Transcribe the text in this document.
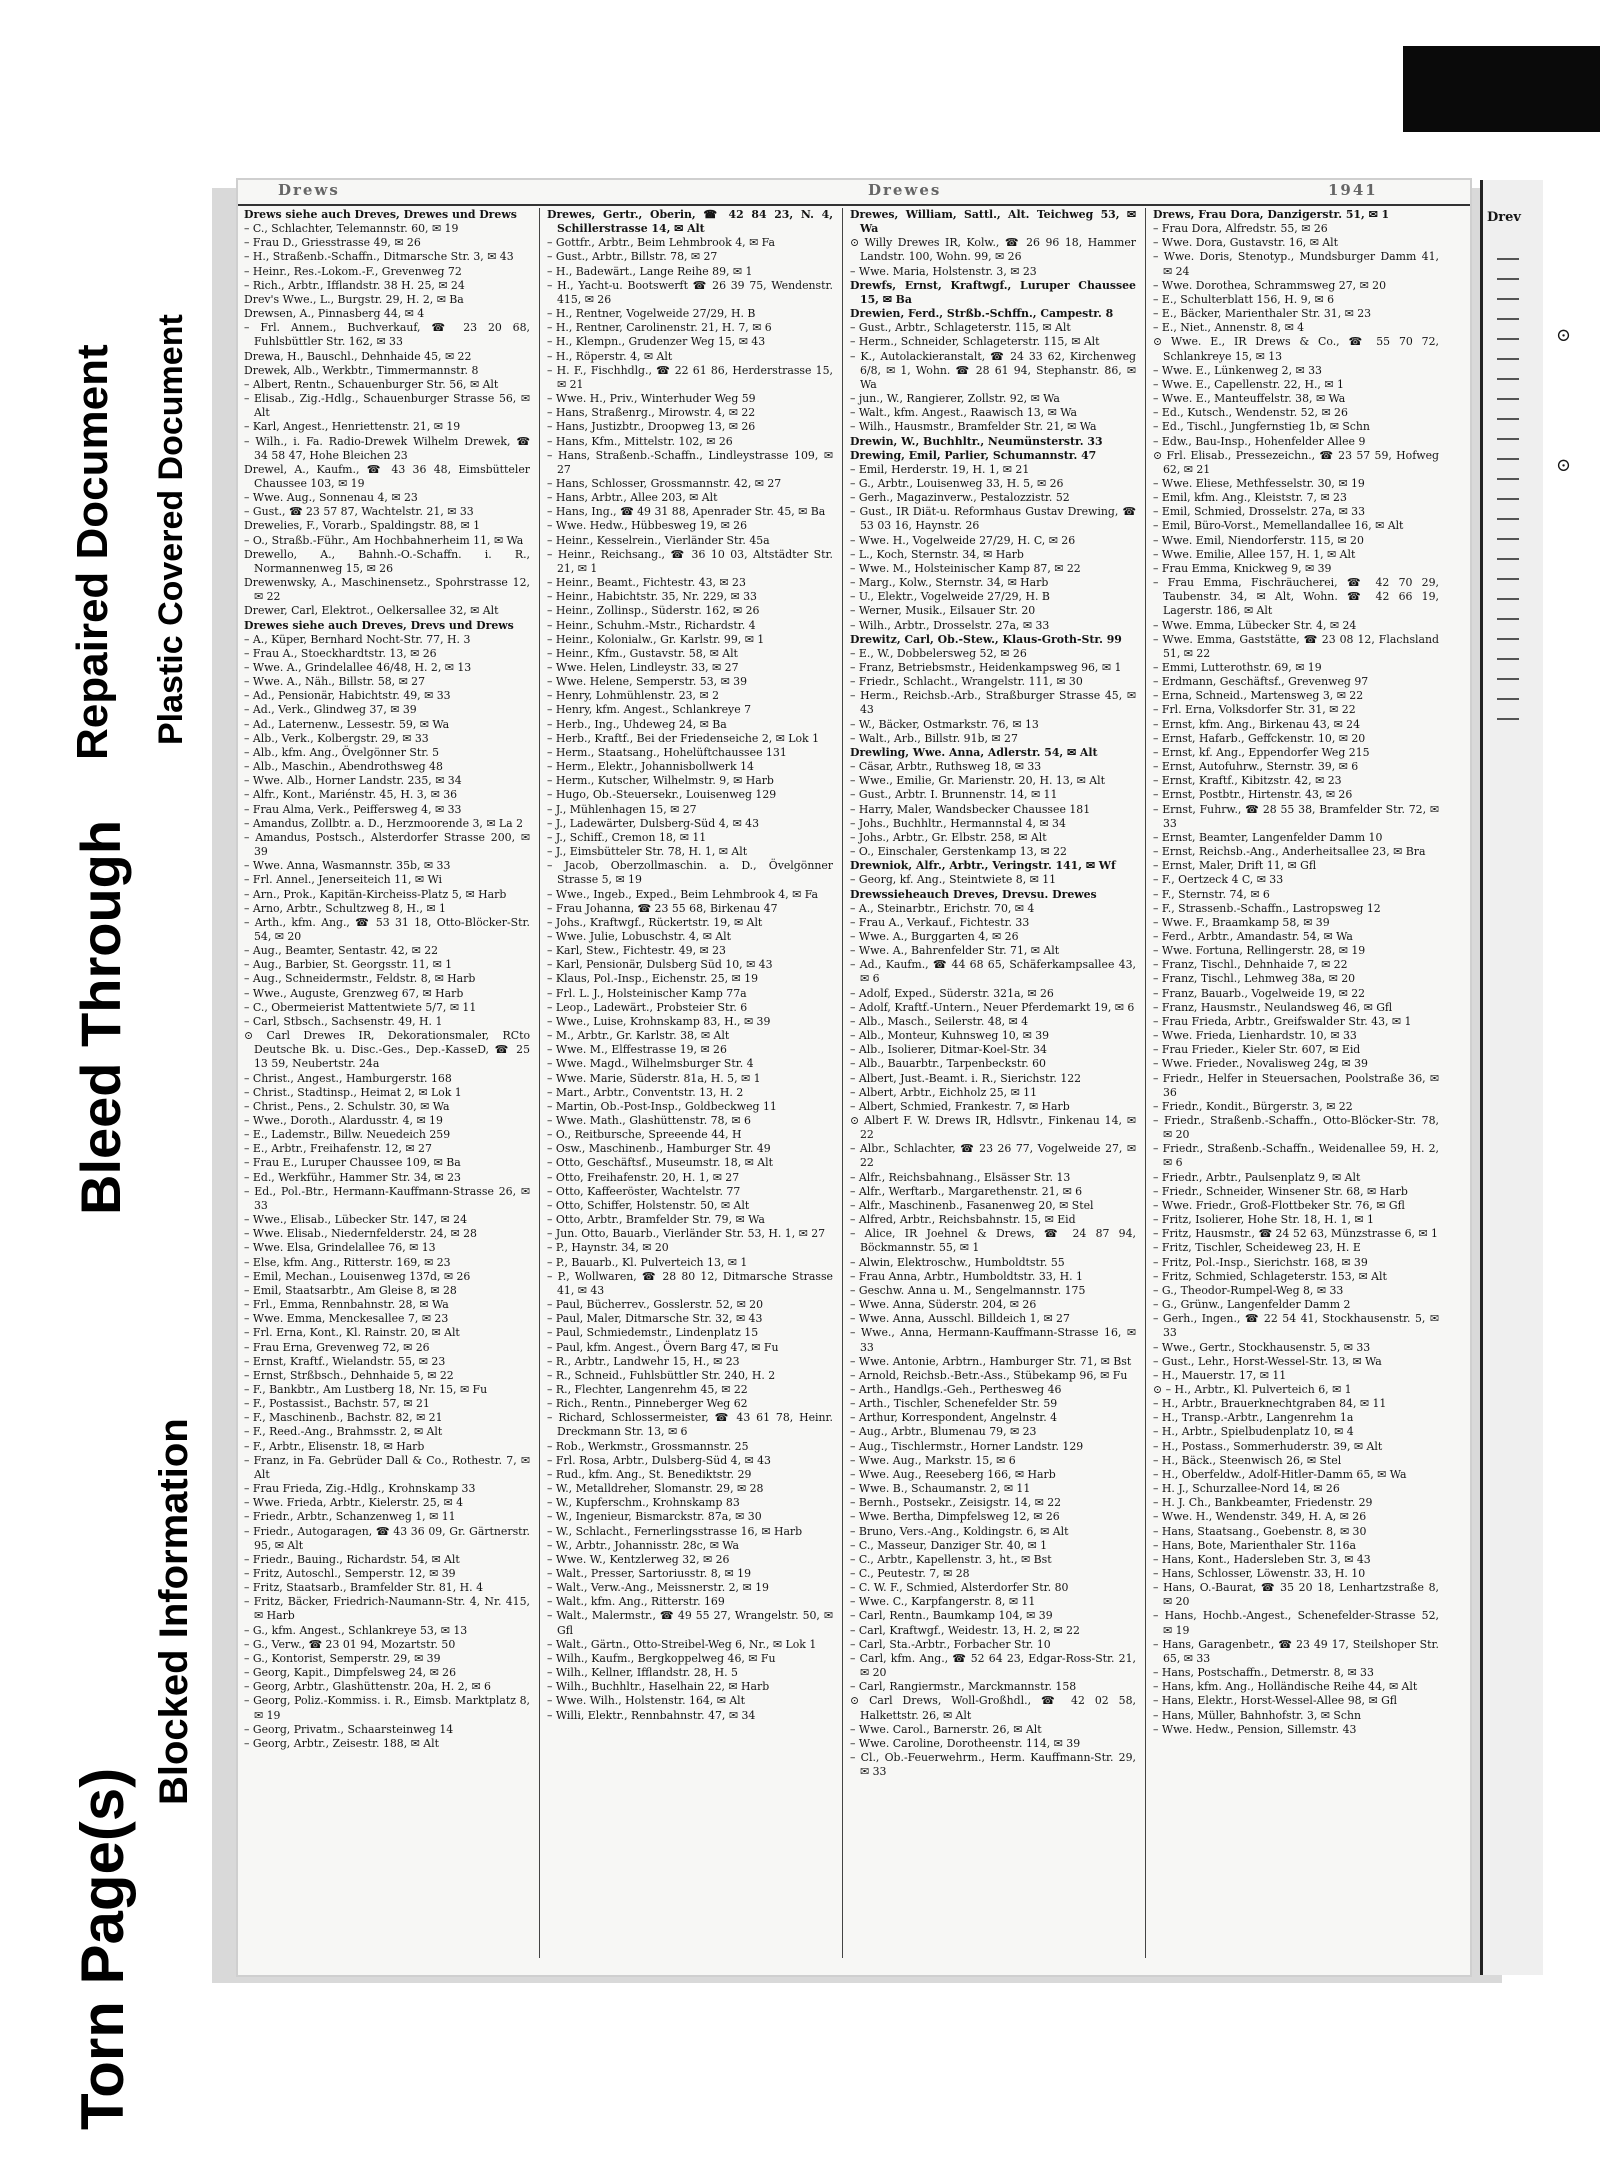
Bleed Through
Repaired Document Plastic Covered Document
Torn Page(s)
Blocked Information
Drews	Drewes	1941
Drews siehe auch Dreves, Drewes und Drews
– C., Schlachter, Telemannstr. 60, ✉ 19
– Frau D., Griesstrasse 49, ✉ 26
– H., Straßenb.-Schaffn., Ditmarsche Str. 3, ✉ 43
– Heinr., Res.-Lokom.-F., Grevenweg 72
– Rich., Arbtr., Ifflandstr. 38 H. 25, ✉ 24
Drev's Wwe., L., Burgstr. 29, H. 2, ✉ Ba
Drewsen, A., Pinnasberg 44, ✉ 4
– Frl. Annem., Buchverkauf, ☎ 23 20 68, Fuhlsbüttler Str. 162, ✉ 33
Drewa, H., Bauschl., Dehnhaide 45, ✉ 22
Drewek, Alb., Werkbtr., Timmermannstr. 8
– Albert, Rentn., Schauenburger Str. 56, ✉ Alt
– Elisab., Zig.-Hdlg., Schauenburger Strasse 56, ✉ Alt
– Karl, Angest., Henriettenstr. 21, ✉ 19
– Wilh., i. Fa. Radio-Drewek Wilhelm Drewek, ☎ 34 58 47, Hohe Bleichen 23
Drewel, A., Kaufm., ☎ 43 36 48, Eimsbütteler Chaussee 103, ✉ 19
– Wwe. Aug., Sonnenau 4, ✉ 23
– Gust., ☎ 23 57 87, Wachtelstr. 21, ✉ 33
Drewelies, F., Vorarb., Spaldingstr. 88, ✉ 1
– O., Straßb.-Führ., Am Hochbahnerheim 11, ✉ Wa
Drewello, A., Bahnh.-O.-Schaffn. i. R., Normannenweg 15, ✉ 26
Drewenwsky, A., Maschinensetz., Spohrstrasse 12, ✉ 22
Drewer, Carl, Elektrot., Oelkersallee 32, ✉ Alt
Drewes siehe auch Dreves, Drevs und Drews
– A., Küper, Bernhard Nocht-Str. 77, H. 3
– Frau A., Stoeckhardtstr. 13, ✉ 26
– Wwe. A., Grindelallee 46/48, H. 2, ✉ 13
– Wwe. A., Näh., Billstr. 58, ✉ 27
– Ad., Pensionär, Habichtstr. 49, ✉ 33
– Ad., Verk., Glindweg 37, ✉ 39
– Ad., Laternenw., Lessestr. 59, ✉ Wa
– Alb., Verk., Kolbergstr. 29, ✉ 33
– Alb., kfm. Ang., Övelgönner Str. 5
– Alb., Maschin., Abendrothsweg 48
– Wwe. Alb., Horner Landstr. 235, ✉ 34
– Alfr., Kont., Mariénstr. 45, H. 3, ✉ 36
– Frau Alma, Verk., Peiffersweg 4, ✉ 33
– Amandus, Zollbtr. a. D., Herzmoorende 3, ✉ La 2
– Amandus, Postsch., Alsterdorfer Strasse 200, ✉ 39
– Wwe. Anna, Wasmannstr. 35b, ✉ 33
– Frl. Annel., Jenerseiteich 11, ✉ Wi
– Arn., Prok., Kapitän-Kircheiss-Platz 5, ✉ Harb
– Arno, Arbtr., Schultzweg 8, H., ✉ 1
– Arth., kfm. Ang., ☎ 53 31 18, Otto-Blöcker-Str. 54, ✉ 20
– Aug., Beamter, Sentastr. 42, ✉ 22
– Aug., Barbier, St. Georgsstr. 11, ✉ 1
– Aug., Schneidermstr., Feldstr. 8, ✉ Harb
– Wwe., Auguste, Grenzweg 67, ✉ Harb
– C., Obermeierist Mattentwiete 5/7, ✉ 11
– Carl, Stbsch., Sachsenstr. 49, H. 1
⊙ Carl Drewes IR, Dekorationsmaler, RCto Deutsche Bk. u. Disc.-Ges., Dep.-KasseD, ☎ 25 13 59, Neubertstr. 24a
– Christ., Angest., Hamburgerstr. 168
– Christ., Stadtinsp., Heimat 2, ✉ Lok 1
– Christ., Pens., 2. Schulstr. 30, ✉ Wa
– Wwe., Doroth., Alardusstr. 4, ✉ 19
– E., Lademstr., Billw. Neuedeich 259
– E., Arbtr., Freihafenstr. 12, ✉ 27
– Frau E., Luruper Chaussee 109, ✉ Ba
– Ed., Werkführ., Hammer Str. 34, ✉ 23
– Ed., Pol.-Btr., Hermann-Kauffmann-Strasse 26, ✉ 33
– Wwe., Elisab., Lübecker Str. 147, ✉ 24
– Wwe. Elisab., Niedernfelderstr. 24, ✉ 28
– Wwe. Elsa, Grindelallee 76, ✉ 13
– Else, kfm. Ang., Ritterstr. 169, ✉ 23
– Emil, Mechan., Louisenweg 137d, ✉ 26
– Emil, Staatsarbtr., Am Gleise 8, ✉ 28
– Frl., Emma, Rennbahnstr. 28, ✉ Wa
– Wwe. Emma, Menckesallee 7, ✉ 23
– Frl. Erna, Kont., Kl. Rainstr. 20, ✉ Alt
– Frau Erna, Grevenweg 72, ✉ 26
– Ernst, Kraftf., Wielandstr. 55, ✉ 23
– Ernst, Strßbsch., Dehnhaide 5, ✉ 22
– F., Bankbtr., Am Lustberg 18, Nr. 15, ✉ Fu
– F., Postassist., Bachstr. 57, ✉ 21
– F., Maschinenb., Bachstr. 82, ✉ 21
– F., Reed.-Ang., Brahmsstr. 2, ✉ Alt
– F., Arbtr., Elisenstr. 18, ✉ Harb
– Franz, in Fa. Gebrüder Dall & Co., Rothestr. 7, ✉ Alt
– Frau Frieda, Zig.-Hdlg., Krohnskamp 33
– Wwe. Frieda, Arbtr., Kielerstr. 25, ✉ 4
– Friedr., Arbtr., Schanzenweg 1, ✉ 11
– Friedr., Autogaragen, ☎ 43 36 09, Gr. Gärtnerstr. 95, ✉ Alt
– Friedr., Bauing., Richardstr. 54, ✉ Alt
– Fritz, Autoschl., Semperstr. 12, ✉ 39
– Fritz, Staatsarb., Bramfelder Str. 81, H. 4
– Fritz, Bäcker, Friedrich-Naumann-Str. 4, Nr. 415, ✉ Harb
– G., kfm. Angest., Schlankreye 53, ✉ 13
– G., Verw., ☎ 23 01 94, Mozartstr. 50
– G., Kontorist, Semperstr. 29, ✉ 39
– Georg, Kapit., Dimpfelsweg 24, ✉ 26
– Georg, Arbtr., Glashüttenstr. 20a, H. 2, ✉ 6
– Georg, Poliz.-Kommiss. i. R., Eimsb. Marktplatz 8, ✉ 19
– Georg, Privatm., Schaarsteinweg 14
– Georg, Arbtr., Zeisestr. 188, ✉ Alt
Drewes, Gertr., Oberin, ☎ 42 84 23, N. 4, Schillerstrasse 14, ✉ Alt
– Gottfr., Arbtr., Beim Lehmbrook 4, ✉ Fa
– Gust., Arbtr., Billstr. 78, ✉ 27
– H., Badewärt., Lange Reihe 89, ✉ 1
– H., Yacht-u. Bootswerft ☎ 26 39 75, Wendenstr. 415, ✉ 26
– H., Rentner, Vogelweide 27/29, H. B
– H., Rentner, Carolinenstr. 21, H. 7, ✉ 6
– H., Klempn., Grudenzer Weg 15, ✉ 43
– H., Röperstr. 4, ✉ Alt
– H. F., Fischhdlg., ☎ 22 61 86, Herderstrasse 15, ✉ 21
– Wwe. H., Priv., Winterhuder Weg 59
– Hans, Straßenrg., Mirowstr. 4, ✉ 22
– Hans, Justizbtr., Droopweg 13, ✉ 26
– Hans, Kfm., Mittelstr. 102, ✉ 26
– Hans, Straßenb.-Schaffn., Lindleystrasse 109, ✉ 27
– Hans, Schlosser, Grossmannstr. 42, ✉ 27
– Hans, Arbtr., Allee 203, ✉ Alt
– Hans, Ing., ☎ 49 31 88, Apenrader Str. 45, ✉ Ba
– Wwe. Hedw., Hübbesweg 19, ✉ 26
– Heinr., Kesselrein., Vierländer Str. 45a
– Heinr., Reichsang., ☎ 36 10 03, Altstädter Str. 21, ✉ 1
– Heinr., Beamt., Fichtestr. 43, ✉ 23
– Heinr., Habichtstr. 35, Nr. 229, ✉ 33
– Heinr., Zollinsp., Süderstr. 162, ✉ 26
– Heinr., Schuhm.-Mstr., Richardstr. 4
– Heinr., Kolonialw., Gr. Karlstr. 99, ✉ 1
– Heinr., Kfm., Gustavstr. 58, ✉ Alt
– Wwe. Helen, Lindleystr. 33, ✉ 27
– Wwe. Helene, Semperstr. 53, ✉ 39
– Henry, Lohmühlenstr. 23, ✉ 2
– Henry, kfm. Angest., Schlankreye 7
– Herb., Ing., Uhdeweg 24, ✉ Ba
– Herb., Kraftf., Bei der Friedenseiche 2, ✉ Lok 1
– Herm., Staatsang., Hohelüftchaussee 131
– Herm., Elektr., Johannisbollwerk 14
– Herm., Kutscher, Wilhelmstr. 9, ✉ Harb
– Hugo, Ob.-Steuersekr., Louisenweg 129
– J., Mühlenhagen 15, ✉ 27
– J., Ladewärter, Dulsberg-Süd 4, ✉ 43
– J., Schiff., Cremon 18, ✉ 11
– J., Eimsbütteler Str. 78, H. 1, ✉ Alt
– Jacob, Oberzollmaschin. a. D., Övelgönner Strasse 5, ✉ 19
– Wwe., Ingeb., Exped., Beim Lehmbrook 4, ✉ Fa
– Frau Johanna, ☎ 23 55 68, Birkenau 47
– Johs., Kraftwgf., Rückertstr. 19, ✉ Alt
– Wwe. Julie, Lobuschstr. 4, ✉ Alt
– Karl, Stew., Fichtestr. 49, ✉ 23
– Karl, Pensionär, Dulsberg Süd 10, ✉ 43
– Klaus, Pol.-Insp., Eichenstr. 25, ✉ 19
– Frl. L. J., Holsteinischer Kamp 77a
– Leop., Ladewärt., Probsteier Str. 6
– Wwe., Luise, Krohnskamp 83, H., ✉ 39
– M., Arbtr., Gr. Karlstr. 38, ✉ Alt
– Wwe. M., Elffestrasse 19, ✉ 26
– Wwe. Magd., Wilhelmsburger Str. 4
– Wwe. Marie, Süderstr. 81a, H. 5, ✉ 1
– Mart., Arbtr., Conventstr. 13, H. 2
– Martin, Ob.-Post-Insp., Goldbeckweg 11
– Wwe. Math., Glashüttenstr. 78, ✉ 6
– O., Reitbursche, Spreeende 44, H
– Osw., Maschinenb., Hamburger Str. 49
– Otto, Geschäftsf., Museumstr. 18, ✉ Alt
– Otto, Freihafenstr. 20, H. 1, ✉ 27
– Otto, Kaffeeröster, Wachtelstr. 77
– Otto, Schiffer, Holstenstr. 50, ✉ Alt
– Otto, Arbtr., Bramfelder Str. 79, ✉ Wa
– Jun. Otto, Bauarb., Vierländer Str. 53, H. 1, ✉ 27
– P., Haynstr. 34, ✉ 20
– P., Bauarb., Kl. Pulverteich 13, ✉ 1
– P., Wollwaren, ☎ 28 80 12, Ditmarsche Strasse 41, ✉ 43
– Paul, Bücherrev., Gosslerstr. 52, ✉ 20
– Paul, Maler, Ditmarsche Str. 32, ✉ 43
– Paul, Schmiedemstr., Lindenplatz 15
– Paul, kfm. Angest., Övern Barg 47, ✉ Fu
– R., Arbtr., Landwehr 15, H., ✉ 23
– R., Schneid., Fuhlsbüttler Str. 240, H. 2
– R., Flechter, Langenrehm 45, ✉ 22
– Rich., Rentn., Pinneberger Weg 62
– Richard, Schlossermeister, ☎ 43 61 78, Heinr. Dreckmann Str. 13, ✉ 6
– Rob., Werkmstr., Grossmannstr. 25
– Frl. Rosa, Arbtr., Dulsberg-Süd 4, ✉ 43
– Rud., kfm. Ang., St. Benediktstr. 29
– W., Metalldreher, Slomanstr. 29, ✉ 28
– W., Kupferschm., Krohnskamp 83
– W., Ingenieur, Bismarckstr. 87a, ✉ 30
– W., Schlacht., Fernerlingsstrasse 16, ✉ Harb
– W., Arbtr., Johannisstr. 28c, ✉ Wa
– Wwe. W., Kentzlerweg 32, ✉ 26
– Walt., Presser, Sartoriusstr. 8, ✉ 19
– Walt., Verw.-Ang., Meissnerstr. 2, ✉ 19
– Walt., kfm. Ang., Ritterstr. 169
– Walt., Malermstr., ☎ 49 55 27, Wrangelstr. 50, ✉ Gfl
– Walt., Gärtn., Otto-Streibel-Weg 6, Nr., ✉ Lok 1
– Wilh., Kaufm., Bergkoppelweg 46, ✉ Fu
– Wilh., Kellner, Ifflandstr. 28, H. 5
– Wilh., Buchhltr., Haselhain 22, ✉ Harb
– Wwe. Wilh., Holstenstr. 164, ✉ Alt
– Willi, Elektr., Rennbahnstr. 47, ✉ 34
Drewes, William, Sattl., Alt. Teichweg 53, ✉ Wa
⊙ Willy Drewes IR, Kolw., ☎ 26 96 18, Hammer Landstr. 100, Wohn. 99, ✉ 26
– Wwe. Maria, Holstenstr. 3, ✉ 23
Drewfs, Ernst, Kraftwgf., Luruper Chaussee 15, ✉ Ba
Drewien, Ferd., Strßb.-Schffn., Campestr. 8
– Gust., Arbtr., Schlageterstr. 115, ✉ Alt
– Herm., Schneider, Schlageterstr. 115, ✉ Alt
– K., Autolackieranstalt, ☎ 24 33 62, Kirchenweg 6/8, ✉ 1, Wohn. ☎ 28 61 94, Stephanstr. 86, ✉ Wa
– jun., W., Rangierer, Zollstr. 92, ✉ Wa
– Walt., kfm. Angest., Raawisch 13, ✉ Wa
– Wilh., Hausmstr., Bramfelder Str. 21, ✉ Wa
Drewin, W., Buchhltr., Neumünsterstr. 33
Drewing, Emil, Parlier, Schumannstr. 47
– Emil, Herderstr. 19, H. 1, ✉ 21
– G., Arbtr., Louisenweg 33, H. 5, ✉ 26
– Gerh., Magazinverw., Pestalozzistr. 52
– Gust., IR Diät-u. Reformhaus Gustav Drewing, ☎ 53 03 16, Haynstr. 26
– Wwe. H., Vogelweide 27/29, H. C, ✉ 26
– L., Koch, Sternstr. 34, ✉ Harb
– Wwe. M., Holsteinischer Kamp 87, ✉ 22
– Marg., Kolw., Sternstr. 34, ✉ Harb
– U., Elektr., Vogelweide 27/29, H. B
– Werner, Musik., Eilsauer Str. 20
– Wilh., Arbtr., Drosselstr. 27a, ✉ 33
Drewitz, Carl, Ob.-Stew., Klaus-Groth-Str. 99
– E., W., Dobbelersweg 52, ✉ 26
– Franz, Betriebsmstr., Heidenkampsweg 96, ✉ 1
– Friedr., Schlacht., Wrangelstr. 111, ✉ 30
– Herm., Reichsb.-Arb., Straßburger Strasse 45, ✉ 43
– W., Bäcker, Ostmarkstr. 76, ✉ 13
– Walt., Arb., Billstr. 91b, ✉ 27
Drewling, Wwe. Anna, Adlerstr. 54, ✉ Alt
– Cäsar, Arbtr., Ruthsweg 18, ✉ 33
– Wwe., Emilie, Gr. Marienstr. 20, H. 13, ✉ Alt
– Gust., Arbtr. I. Brunnenstr. 14, ✉ 11
– Harry, Maler, Wandsbecker Chaussee 181
– Johs., Buchhltr., Hermannstal 4, ✉ 34
– Johs., Arbtr., Gr. Elbstr. 258, ✉ Alt
– O., Einschaler, Gerstenkamp 13, ✉ 22
Drewniok, Alfr., Arbtr., Veringstr. 141, ✉ Wf
– Georg, kf. Ang., Steintwiete 8, ✉ 11
Drewssieheauch Dreves, Drevsu. Drewes
– A., Steinarbtr., Erichstr. 70, ✉ 4
– Frau A., Verkauf., Fichtestr. 33
– Wwe. A., Burggarten 4, ✉ 26
– Wwe. A., Bahrenfelder Str. 71, ✉ Alt
– Ad., Kaufm., ☎ 44 68 65, Schäferkampsallee 43, ✉ 6
– Adolf, Exped., Süderstr. 321a, ✉ 26
– Adolf, Kraftf.-Untern., Neuer Pferdemarkt 19, ✉ 6
– Alb., Masch., Seilerstr. 48, ✉ 4
– Alb., Monteur, Kuhnsweg 10, ✉ 39
– Alb., Isolierer, Ditmar-Koel-Str. 34
– Alb., Bauarbtr., Tarpenbeckstr. 60
– Albert, Just.-Beamt. i. R., Sierichstr. 122
– Albert, Arbtr., Eichholz 25, ✉ 11
– Albert, Schmied, Frankestr. 7, ✉ Harb
⊙ Albert F. W. Drews IR, Hdlsvtr., Finkenau 14, ✉ 22
– Albr., Schlachter, ☎ 23 26 77, Vogelweide 27, ✉ 22
– Alfr., Reichsbahnang., Elsässer Str. 13
– Alfr., Werftarb., Margarethenstr. 21, ✉ 6
– Alfr., Maschinenb., Fasanenweg 20, ✉ Stel
– Alfred, Arbtr., Reichsbahnstr. 15, ✉ Eid
– Alice, IR Joehnel & Drews, ☎ 24 87 94, Böckmannstr. 55, ✉ 1
– Alwin, Elektroschw., Humboldtstr. 55
– Frau Anna, Arbtr., Humboldtstr. 33, H. 1
– Geschw. Anna u. M., Sengelmannstr. 175
– Wwe. Anna, Süderstr. 204, ✉ 26
– Wwe. Anna, Ausschl. Billdeich 1, ✉ 27
– Wwe., Anna, Hermann-Kauffmann-Strasse 16, ✉ 33
– Wwe. Antonie, Arbtrn., Hamburger Str. 71, ✉ Bst
– Arnold, Reichsb.-Betr.-Ass., Stübekamp 96, ✉ Fu
– Arth., Handlgs.-Geh., Perthesweg 46
– Arth., Tischler, Schenefelder Str. 59
– Arthur, Korrespondent, Angelnstr. 4
– Aug., Arbtr., Blumenau 79, ✉ 23
– Aug., Tischlermstr., Horner Landstr. 129
– Wwe. Aug., Markstr. 15, ✉ 6
– Wwe. Aug., Reeseberg 166, ✉ Harb
– Wwe. B., Schaumanstr. 2, ✉ 11
– Bernh., Postsekr., Zeisigstr. 14, ✉ 22
– Wwe. Bertha, Dimpfelsweg 12, ✉ 26
– Bruno, Vers.-Ang., Koldingstr. 6, ✉ Alt
– C., Masseur, Danziger Str. 40, ✉ 1
– C., Arbtr., Kapellenstr. 3, ht., ✉ Bst
– C., Peutestr. 7, ✉ 28
– C. W. F., Schmied, Alsterdorfer Str. 80
– Wwe. C., Karpfangerstr. 8, ✉ 11
– Carl, Rentn., Baumkamp 104, ✉ 39
– Carl, Kraftwgf., Weidestr. 13, H. 2, ✉ 22
– Carl, Sta.-Arbtr., Forbacher Str. 10
– Carl, kfm. Ang., ☎ 52 64 23, Edgar-Ross-Str. 21, ✉ 20
– Carl, Rangiermstr., Marckmannstr. 158
⊙ Carl Drews, Woll-Großhdl., ☎ 42 02 58, Halkettstr. 26, ✉ Alt
– Wwe. Carol., Barnerstr. 26, ✉ Alt
– Wwe. Caroline, Dorotheenstr. 114, ✉ 39
– Cl., Ob.-Feuerwehrm., Herm. Kauffmann-Str. 29, ✉ 33
Drews, Frau Dora, Danzigerstr. 51, ✉ 1
– Frau Dora, Alfredstr. 55, ✉ 26
– Wwe. Dora, Gustavstr. 16, ✉ Alt
– Wwe. Doris, Stenotyp., Mundsburger Damm 41, ✉ 24
– Wwe. Dorothea, Schrammsweg 27, ✉ 20
– E., Schulterblatt 156, H. 9, ✉ 6
– E., Bäcker, Marienthaler Str. 31, ✉ 23
– E., Niet., Annenstr. 8, ✉ 4
⊙ Wwe. E., IR Drews & Co., ☎ 55 70 72, Schlankreye 15, ✉ 13
– Wwe. E., Lünkenweg 2, ✉ 33
– Wwe. E., Capellenstr. 22, H., ✉ 1
– Wwe. E., Manteuffelstr. 38, ✉ Wa
– Ed., Kutsch., Wendenstr. 52, ✉ 26
– Ed., Tischl., Jungfernstieg 1b, ✉ Schn
– Edw., Bau-Insp., Hohenfelder Allee 9
⊙ Frl. Elisab., Pressezeichn., ☎ 23 57 59, Hofweg 62, ✉ 21
– Wwe. Eliese, Methfesselstr. 30, ✉ 19
– Emil, kfm. Ang., Kleiststr. 7, ✉ 23
– Emil, Schmied, Drosselstr. 27a, ✉ 33
– Emil, Büro-Vorst., Memellandallee 16, ✉ Alt
– Wwe. Emil, Niendorferstr. 115, ✉ 20
– Wwe. Emilie, Allee 157, H. 1, ✉ Alt
– Frau Emma, Knickweg 9, ✉ 39
– Frau Emma, Fischräucherei, ☎ 42 70 29, Taubenstr. 34, ✉ Alt, Wohn. ☎ 42 66 19, Lagerstr. 186, ✉ Alt
– Wwe. Emma, Lübecker Str. 4, ✉ 24
– Wwe. Emma, Gaststätte, ☎ 23 08 12, Flachsland 51, ✉ 22
– Emmi, Lutterothstr. 69, ✉ 19
– Erdmann, Geschäftsf., Grevenweg 97
– Erna, Schneid., Martensweg 3, ✉ 22
– Frl. Erna, Volksdorfer Str. 31, ✉ 22
– Ernst, kfm. Ang., Birkenau 43, ✉ 24
– Ernst, Hafarb., Geffckenstr. 10, ✉ 20
– Ernst, kf. Ang., Eppendorfer Weg 215
– Ernst, Autofuhrw., Sternstr. 39, ✉ 6
– Ernst, Kraftf., Kibitzstr. 42, ✉ 23
– Ernst, Postbtr., Hirtenstr. 43, ✉ 26
– Ernst, Fuhrw., ☎ 28 55 38, Bramfelder Str. 72, ✉ 33
– Ernst, Beamter, Langenfelder Damm 10
– Ernst, Reichsb.-Ang., Anderheitsallee 23, ✉ Bra
– Ernst, Maler, Drift 11, ✉ Gfl
– F., Oertzeck 4 C, ✉ 33
– F., Sternstr. 74, ✉ 6
– F., Strassenb.-Schaffn., Lastropsweg 12
– Wwe. F., Braamkamp 58, ✉ 39
– Ferd., Arbtr., Amandastr. 54, ✉ Wa
– Wwe. Fortuna, Rellingerstr. 28, ✉ 19
– Franz, Tischl., Dehnhaide 7, ✉ 22
– Franz, Tischl., Lehmweg 38a, ✉ 20
– Franz, Bauarb., Vogelweide 19, ✉ 22
– Franz, Hausmstr., Neulandsweg 46, ✉ Gfl
– Frau Frieda, Arbtr., Greifswalder Str. 43, ✉ 1
– Wwe. Frieda, Lienhardstr. 10, ✉ 33
– Frau Frieder., Kieler Str. 607, ✉ Eid
– Wwe. Frieder., Novalisweg 24g, ✉ 39
– Friedr., Helfer in Steuersachen, Poolstraße 36, ✉ 36
– Friedr., Kondit., Bürgerstr. 3, ✉ 22
– Friedr., Straßenb.-Schaffn., Otto-Blöcker-Str. 78, ✉ 20
– Friedr., Straßenb.-Schaffn., Weidenallee 59, H. 2, ✉ 6
– Friedr., Arbtr., Paulsenplatz 9, ✉ Alt
– Friedr., Schneider, Winsener Str. 68, ✉ Harb
– Wwe. Friedr., Groß-Flottbeker Str. 76, ✉ Gfl
– Fritz, Isolierer, Hohe Str. 18, H. 1, ✉ 1
– Fritz, Hausmstr., ☎ 24 52 63, Münzstrasse 6, ✉ 1
– Fritz, Tischler, Scheideweg 23, H. E
– Fritz, Pol.-Insp., Sierichstr. 168, ✉ 39
– Fritz, Schmied, Schlageterstr. 153, ✉ Alt
– G., Theodor-Rumpel-Weg 8, ✉ 33
– G., Grünw., Langenfelder Damm 2
– Gerh., Ingen., ☎ 22 54 41, Stockhausenstr. 5, ✉ 33
– Wwe., Gertr., Stockhausenstr. 5, ✉ 33
– Gust., Lehr., Horst-Wessel-Str. 13, ✉ Wa
– H., Mauerstr. 17, ✉ 11
⊙ – H., Arbtr., Kl. Pulverteich 6, ✉ 1
– H., Arbtr., Brauerknechtgraben 84, ✉ 11
– H., Transp.-Arbtr., Langenrehm 1a
– H., Arbtr., Spielbudenplatz 10, ✉ 4
– H., Postass., Sommerhuderstr. 39, ✉ Alt
– H., Bäck., Steenwisch 26, ✉ Stel
– H., Oberfeldw., Adolf-Hitler-Damm 65, ✉ Wa
– H. J., Schurzallee-Nord 14, ✉ 26
– H. J. Ch., Bankbeamter, Friedenstr. 29
– Wwe. H., Wendenstr. 349, H. A, ✉ 26
– Hans, Staatsang., Goebenstr. 8, ✉ 30
– Hans, Bote, Marienthaler Str. 116a
– Hans, Kont., Hadersleben Str. 3, ✉ 43
– Hans, Schlosser, Löwenstr. 33, H. 10
– Hans, O.-Baurat, ☎ 35 20 18, Lenhartzstraße 8, ✉ 20
– Hans, Hochb.-Angest., Schenefelder-Strasse 52, ✉ 19
– Hans, Garagenbetr., ☎ 23 49 17, Steilshoper Str. 65, ✉ 33
– Hans, Postschaffn., Detmerstr. 8, ✉ 33
– Hans, kfm. Ang., Holländische Reihe 44, ✉ Alt
– Hans, Elektr., Horst-Wessel-Allee 98, ✉ Gfl
– Hans, Müller, Bahnhofstr. 3, ✉ Schn
– Wwe. Hedw., Pension, Sillemstr. 43
Drev
⊙
⊙
